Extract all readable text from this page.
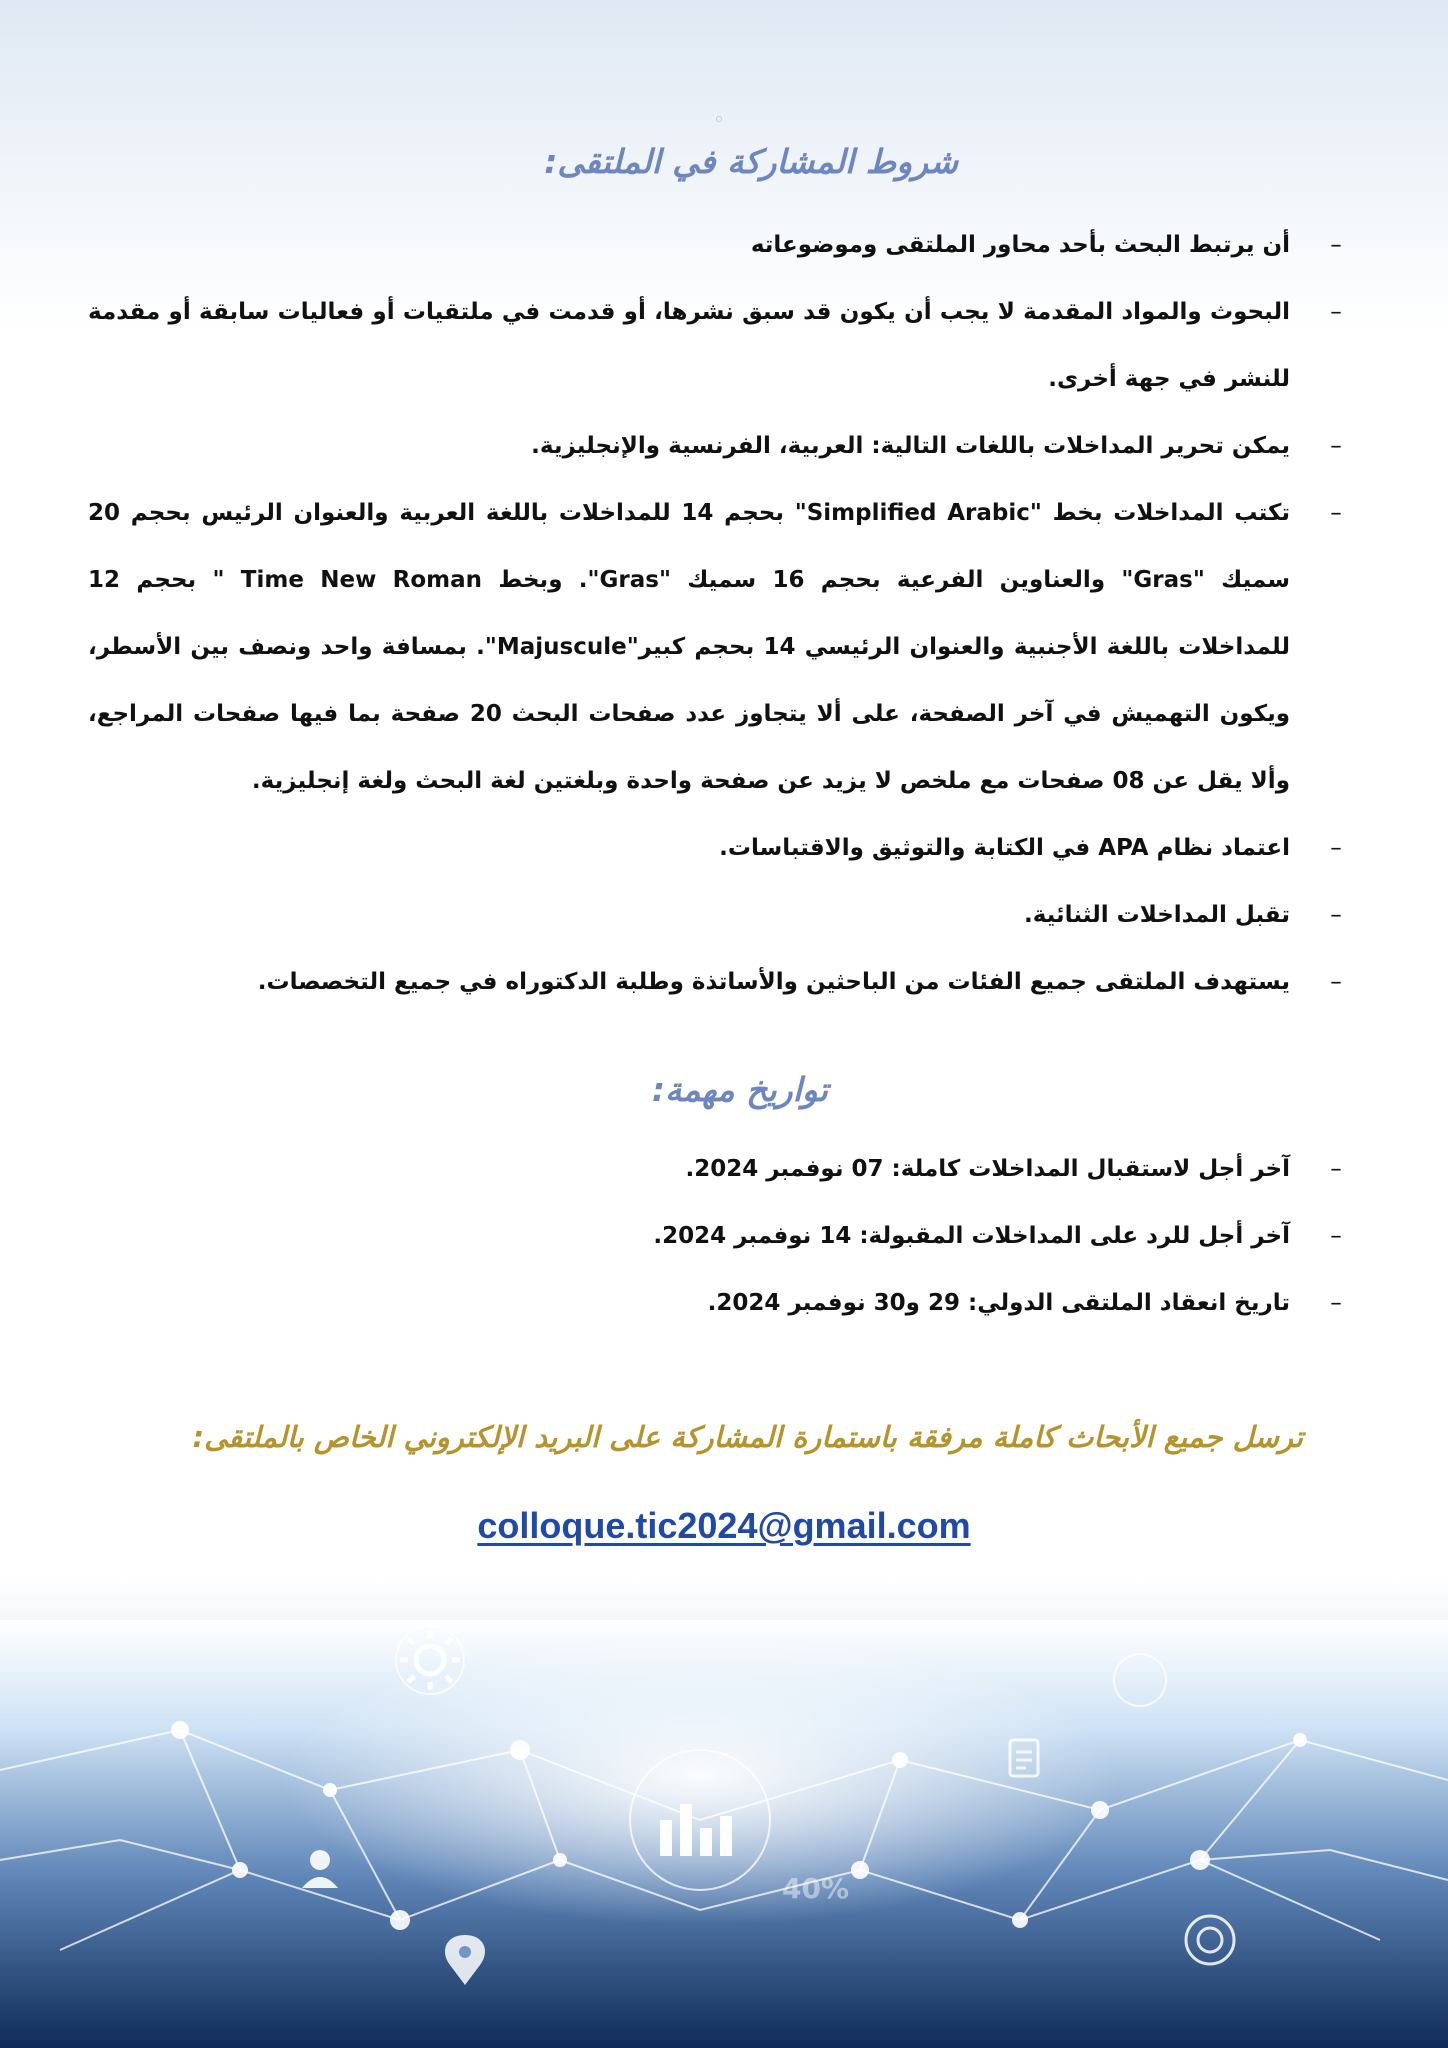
شروط المشاركة في الملتقى:

–
أن يرتبط البحث بأحد محاور الملتقى وموضوعاته

–
البحوث والمواد المقدمة لا يجب أن يكون قد سبق نشرها، أو قدمت في ملتقيات أو فعاليات سابقة أو مقدمة للنشر في جهة أخرى.

–
يمكن تحرير المداخلات باللغات التالية: العربية، الفرنسية والإنجليزية.

–
تكتب المداخلات بخط "Simplified Arabic" بحجم 14 للمداخلات باللغة العربية والعنوان الرئيس بحجم 20 سميك "Gras" والعناوين الفرعية بحجم 16 سميك "Gras". وبخط Time New Roman " بحجم 12 للمداخلات باللغة الأجنبية والعنوان الرئيسي 14 بحجم كبير"Majuscule". بمسافة واحد ونصف بين الأسطر، ويكون التهميش في آخر الصفحة، على ألا يتجاوز عدد صفحات البحث 20 صفحة بما فيها صفحات المراجع، وألا يقل عن 08 صفحات مع ملخص لا يزيد عن صفحة واحدة وبلغتين لغة البحث ولغة إنجليزية.

–
اعتماد نظام APA في الكتابة والتوثيق والاقتباسات.

–
تقبل المداخلات الثنائية.

–
يستهدف الملتقى جميع الفئات من الباحثين والأساتذة وطلبة الدكتوراه في جميع التخصصات.

تواريخ مهمة:

–
آخر أجل لاستقبال المداخلات كاملة: 07 نوفمبر 2024.

–
آخر أجل للرد على المداخلات المقبولة: 14 نوفمبر 2024.

–
تاريخ انعقاد الملتقى الدولي: 29 و30 نوفمبر 2024.

ترسل جميع الأبحاث كاملة مرفقة باستمارة المشاركة على البريد الإلكتروني الخاص بالملتقى:
colloque.tic2024@gmail.com
40%
